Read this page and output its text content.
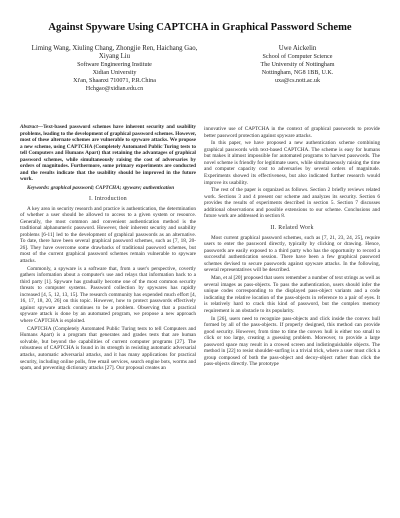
Against Spyware Using CAPTCHA in Graphical Password Scheme
Liming Wang, Xiuling Chang, Zhongjie Ren, Haichang Gao, Xiyang Liu
Software Engineering Institute
Xidian University
Xi'an, Shaanxi 710071, P.R.China
Hchgao@xidian.edu.cn
Uwe Aickelin
School of Computer Science
The University of Nottingham
Nottingham, NG8 1BB, U.K.
uxa@cs.nott.ac.uk

Abstract—Text-based password schemes have inherent security and usability problems, leading to the development of graphical password schemes. However, most of these alternate schemes are vulnerable to spyware attacks. We propose a new scheme, using CAPTCHA (Completely Automated Public Turing tests to tell Computers and Humans Apart) that retaining the advantages of graphical password schemes, while simultaneously raising the cost of adversaries by orders of magnitudes. Furthermore, some primary experiments are conducted and the results indicate that the usability should be improved in the future work.

Keywords: graphical password; CAPTCHA; spyware; authentication

I. Introduction

A key area in security research and practice is authentication, the determination of whether a user should be allowed to access to a given system or resource. Generally, the most common and convenient authentication method is the traditional alphanumeric password. However, their inherent security and usability problems [6-11] led to the development of graphical passwords as an alternative. To date, there have been several graphical password schemes, such as [7, 18, 20-26]. They have overcome some drawbacks of traditional password schemes, but most of the current graphical password schemes remain vulnerable to spyware attacks.

Commonly, a spyware is a software that, from a user's perspective, covertly gathers information about a computer's use and relays that information back to a third party [1]. Spyware has gradually become one of the most common security threats to computer systems. Password collection by spywares has rapidly increased [4, 5, 12, 13, 15]. The research community has expended much effort [4, 16, 17, 18, 20, 26] on this topic. However, how to protect passwords effectively against spyware attack continues to be a problem. Observing that a practical spyware attack is done by an automated program, we propose a new approach where CAPTCHA is exploited.

CAPTCHA (Completely Automated Public Turing tests to tell Computers and Humans Apart) is a program that generates and grades tests that are human solvable, but beyond the capabilities of current computer programs [27]. The robustness of CAPTCHA is found in its strength in resisting automatic adversarial attacks, automatic adversarial attacks, and it has many applications for practical security, including online polls, free email services, search engine bots, worms and spam, and preventing dictionary attacks [27]. Our proposal creates an

innovative use of CAPTCHA in the context of graphical passwords to provide better password protection against spyware attacks.

In this paper, we have proposed a new authentication scheme combining graphical passwords with text-based CAPTCHA. The scheme is easy for humans but makes it almost impossible for automated programs to harvest passwords. The novel scheme is friendly for legitimate users, while simultaneously raising the time and computer capacity cost to adversaries by several orders of magnitude. Experiments showed its effectiveness, but also indicated further research would improve its usability.

The rest of the paper is organized as follows. Section 2 briefly reviews related work. Sections 3 and 4 present our scheme and analyzes its security. Section 6 provides the results of experiments described in section 5. Section 7 discusses additional observations and possible extensions to our scheme. Conclusions and future work are addressed in section 8.

II. Related Work

Most current graphical password schemes, such as [7, 21, 23, 24, 25], require users to enter the password directly, typically by clicking or drawing. Hence, passwords are easily exposed to a third party who has the opportunity to record a successful authentication session. There have been a few graphical password schemes devised to secure passwords against spyware attacks. In the following, several representatives will be described.

Man, et al [20] proposed that users remember a number of text strings as well as several images as pass-objects. To pass the authentication, users should infer the unique codes corresponding to the displayed pass-object variants and a code indicating the relative location of the pass-objects in reference to a pair of eyes. It is relatively hard to crack this kind of password, but the complex memory requirement is an obstacle to its popularity.

In [26], users need to recognize pass-objects and click inside the convex hull formed by all of the pass-objects. If properly designed, this method can provide good security. However, from time to time the convex hull is either too small to click or too large, creating a guessing problem. Moreover, to provide a large password space may result in a crowed screen and indistinguishable objects. The method in [22] to resist shoulder-surfing is a trivial trick, where a user must click a group composed of both the pass-object and decoy-object rather than click the pass-objects directly. The prototype
